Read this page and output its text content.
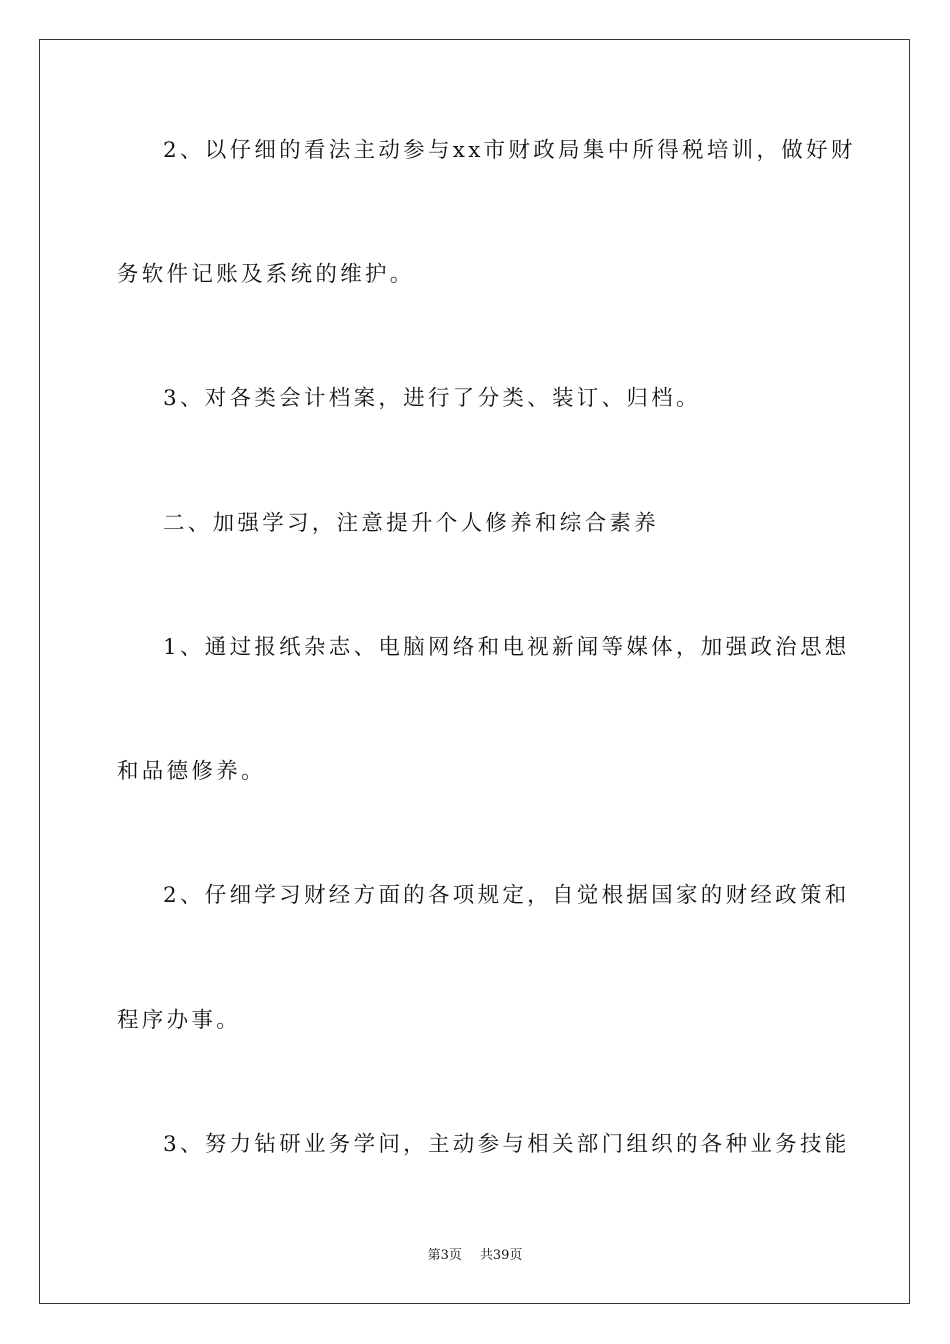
2、以仔细的看法主动参与xx市财政局集中所得税培训，做好财
务软件记账及系统的维护。
3、对各类会计档案，进行了分类、装订、归档。
二、加强学习，注意提升个人修养和综合素养
1、通过报纸杂志、电脑网络和电视新闻等媒体，加强政治思想
和品德修养。
2、仔细学习财经方面的各项规定，自觉根据国家的财经政策和
程序办事。
3、努力钻研业务学问，主动参与相关部门组织的各种业务技能
第3页 共39页
